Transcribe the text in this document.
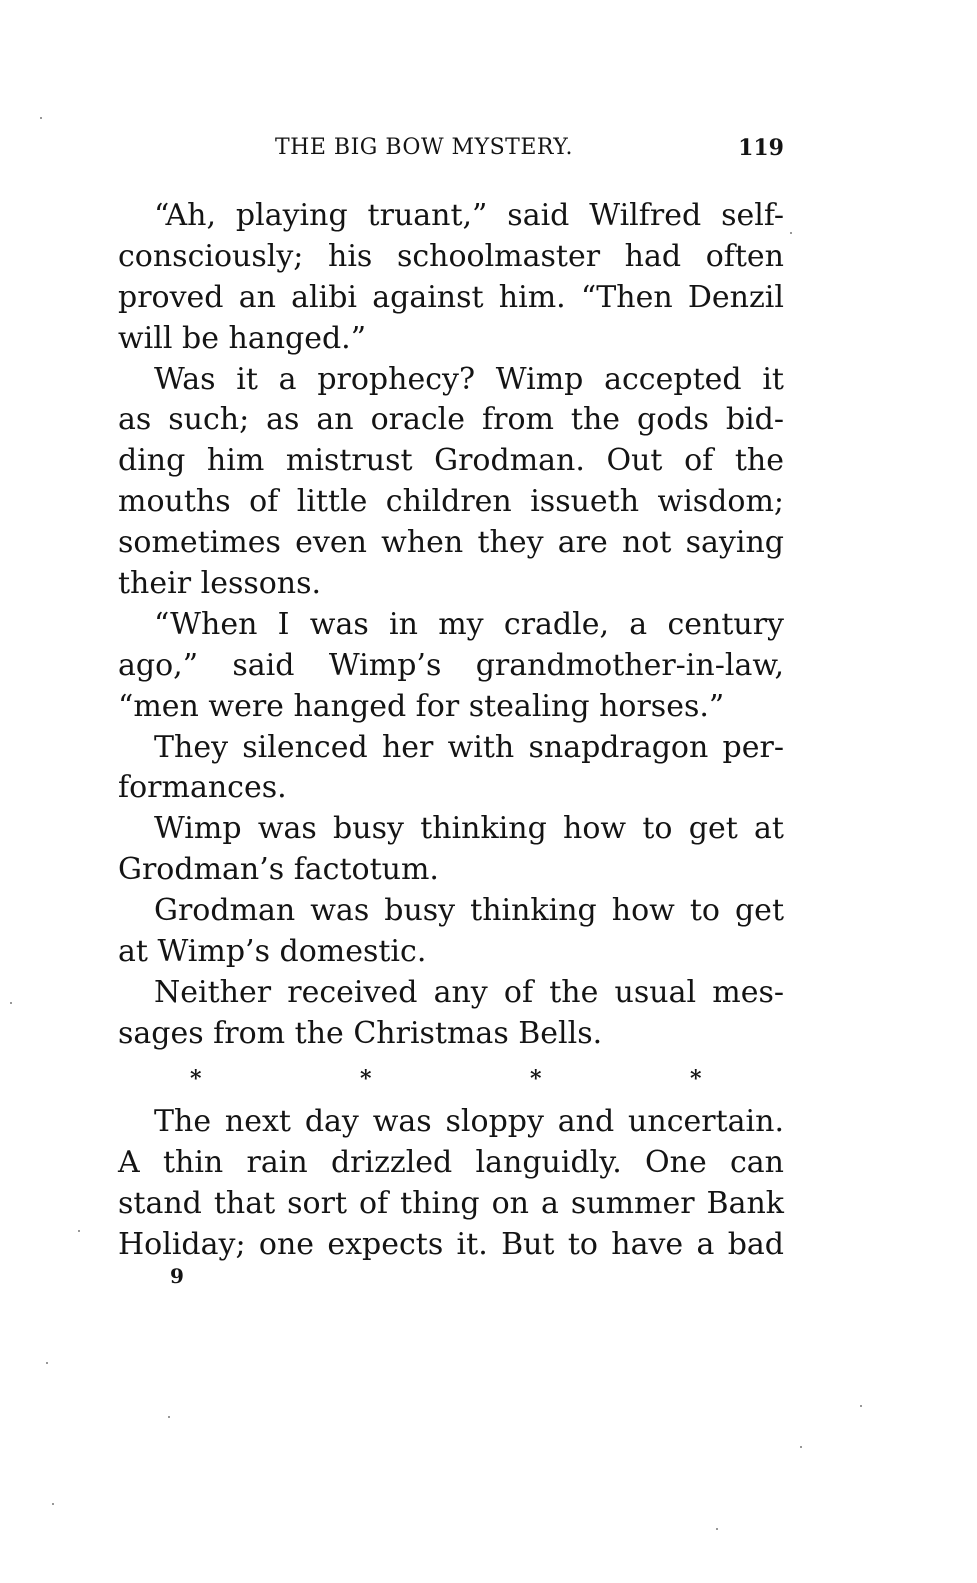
THE BIG BOW MYSTERY.	119
“Ah, playing truant,” said Wilfred self-
consciously; his schoolmaster had often
proved an alibi against him. “Then Denzil
will be hanged.”
Was it a prophecy? Wimp accepted it
as such; as an oracle from the gods bid-
ding him mistrust Grodman. Out of the
mouths of little children issueth wisdom;
sometimes even when they are not saying
their lessons.
“When I was in my cradle, a century
ago,” said Wimp’s grandmother-in-law,
“men were hanged for stealing horses.”
They silenced her with snapdragon per-
formances.
Wimp was busy thinking how to get at
Grodman’s factotum.
Grodman was busy thinking how to get
at Wimp’s domestic.
Neither received any of the usual mes-
sages from the Christmas Bells.
*	*	*	*
The next day was sloppy and uncertain.
A thin rain drizzled languidly. One can
stand that sort of thing on a summer Bank
Holiday; one expects it. But to have a bad
9
